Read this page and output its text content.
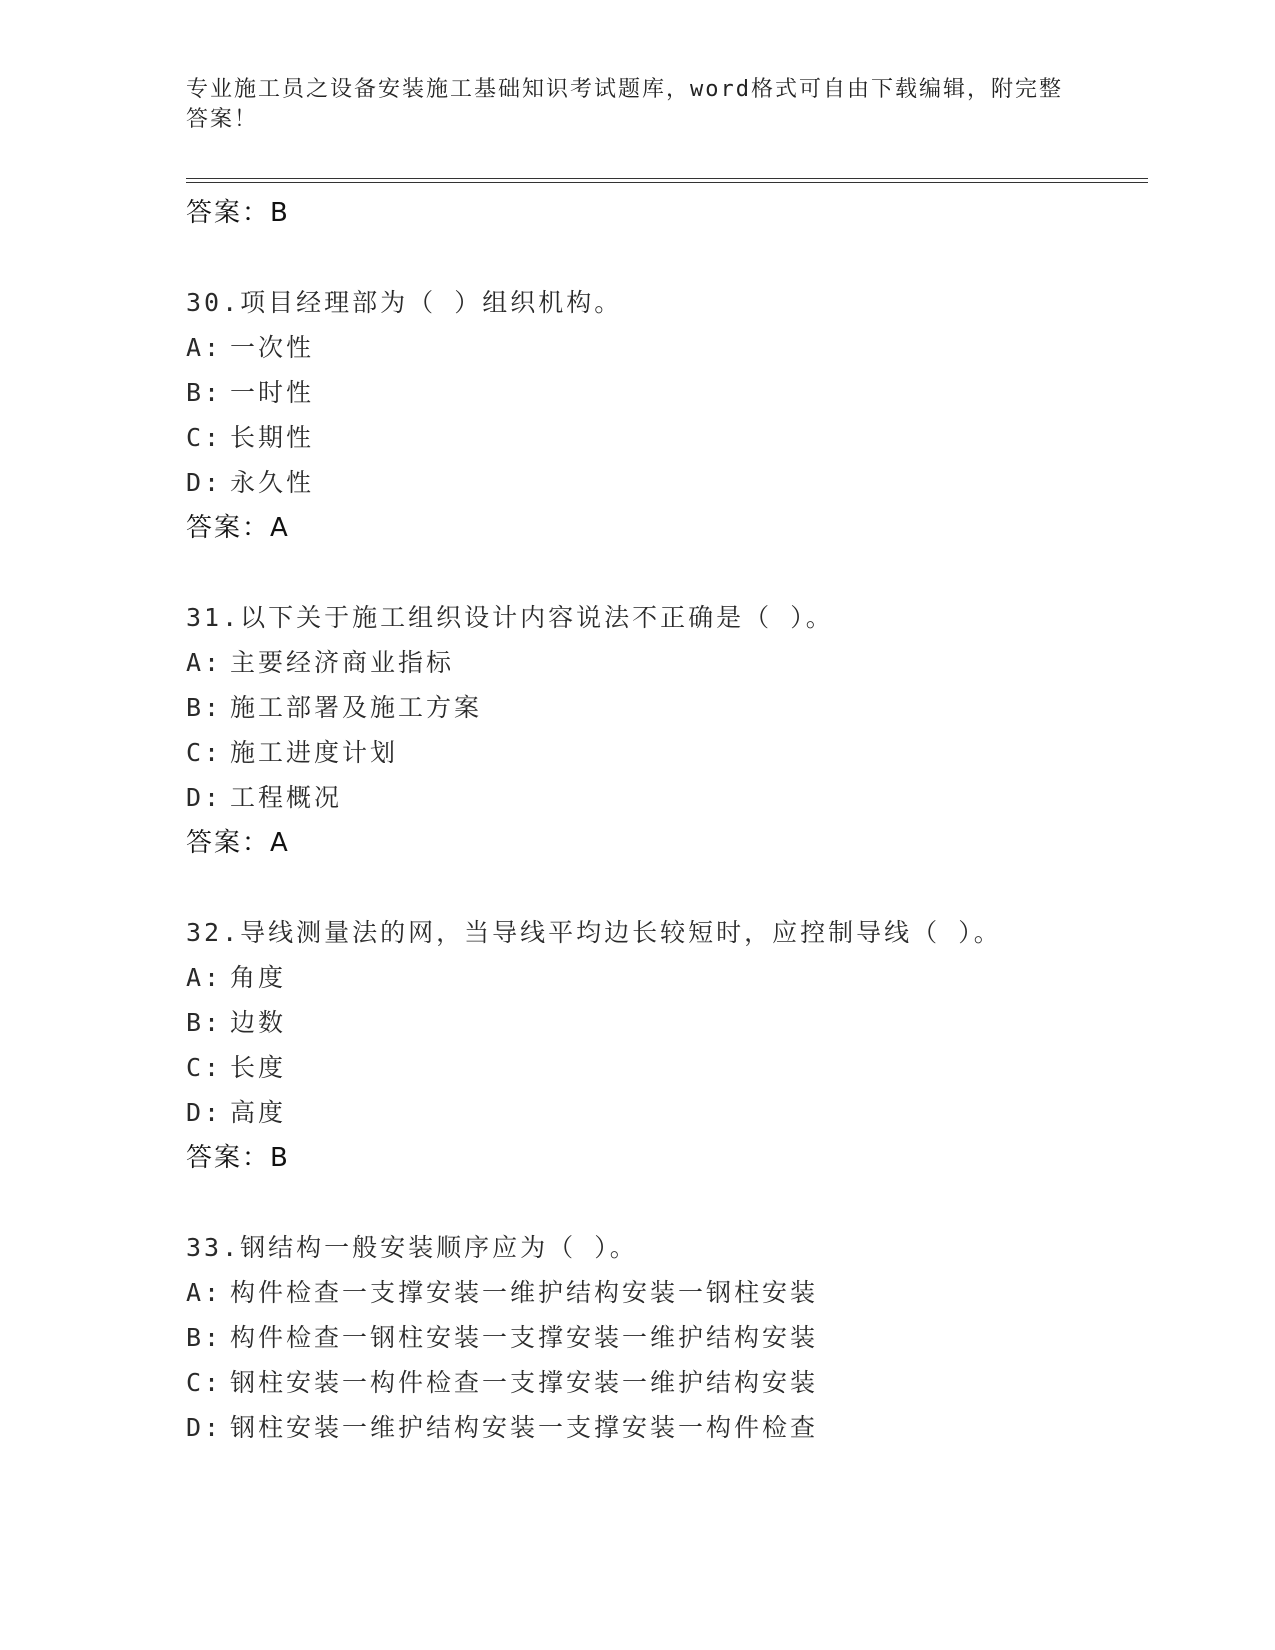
专业施工员之设备安装施工基础知识考试题库，word格式可自由下载编辑，附完整答案！
答案：B
30.项目经理部为（ ）组织机构。
A: 一次性
B: 一时性
C: 长期性
D: 永久性
答案：A
31.以下关于施工组织设计内容说法不正确是（ ）。
A: 主要经济商业指标
B: 施工部署及施工方案
C: 施工进度计划
D: 工程概况
答案：A
32.导线测量法的网，当导线平均边长较短时，应控制导线（ ）。
A: 角度
B: 边数
C: 长度
D: 高度
答案：B
33.钢结构一般安装顺序应为（ ）。
A: 构件检查一支撑安装一维护结构安装一钢柱安装
B: 构件检查一钢柱安装一支撑安装一维护结构安装
C: 钢柱安装一构件检查一支撑安装一维护结构安装
D: 钢柱安装一维护结构安装一支撑安装一构件检查
